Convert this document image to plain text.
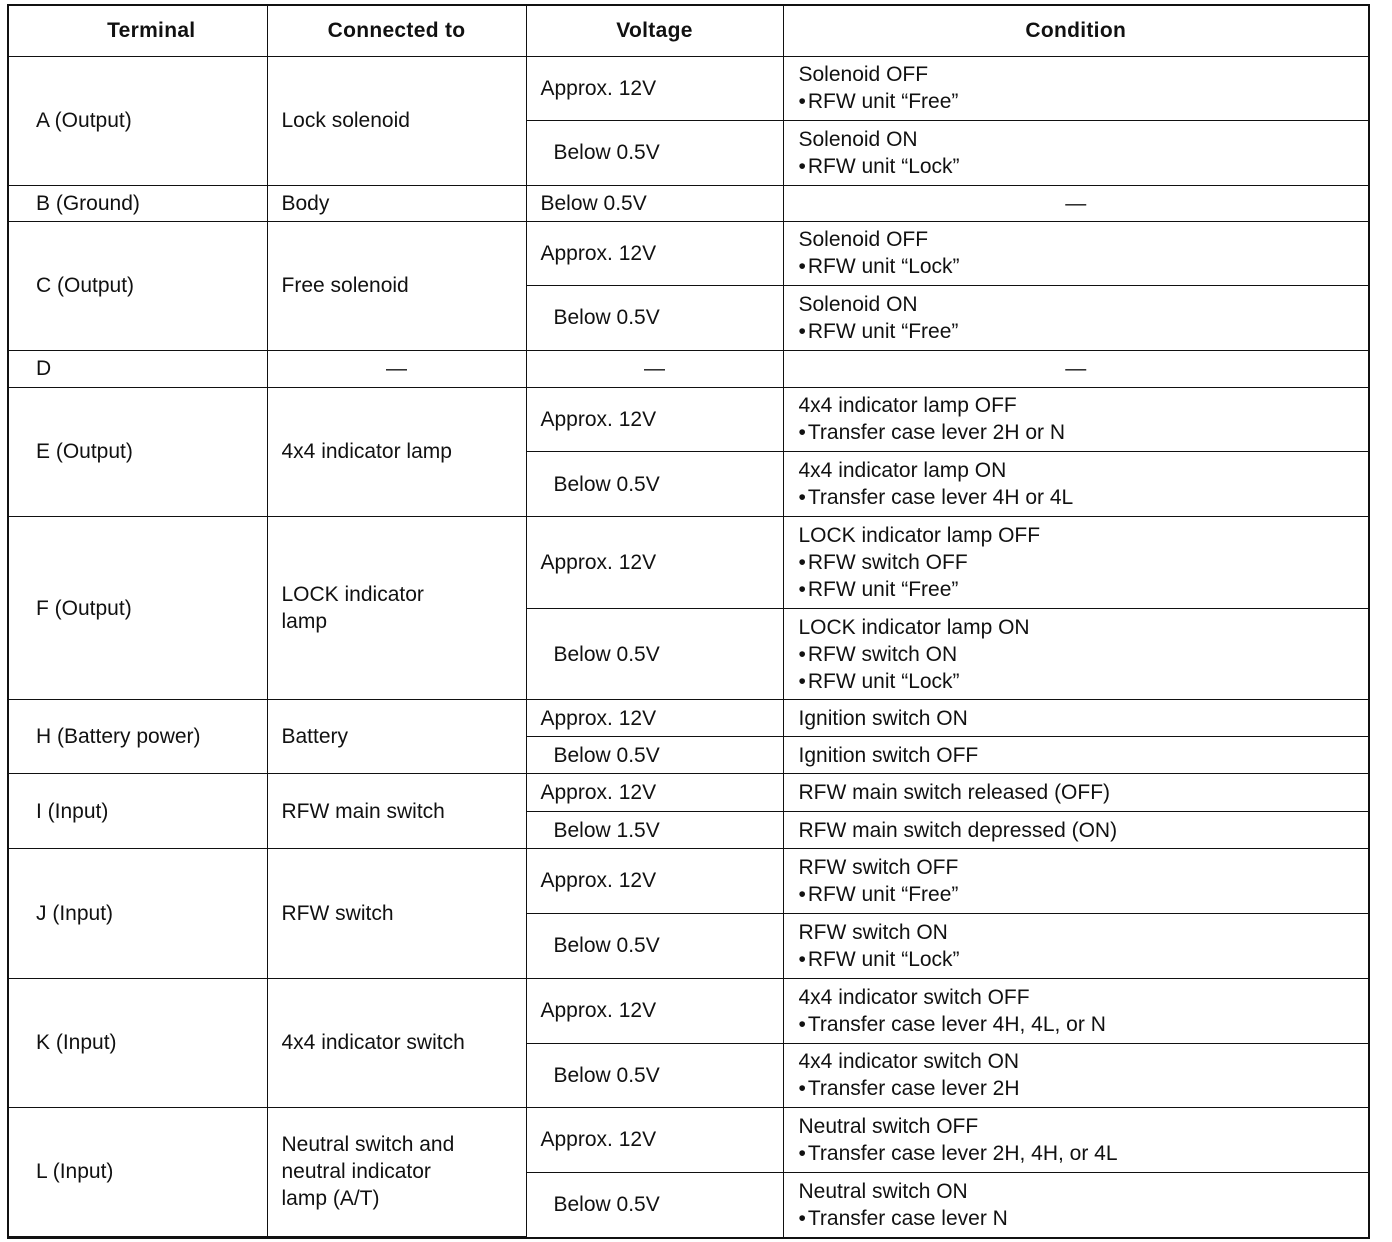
Terminal	Connected to	Voltage	Condition

A (Output)	Lock solenoid	Approx. 12V	Solenoid OFF
• RFW unit “Free”

		Below 0.5V	Solenoid ON
• RFW unit “Lock”

B (Ground)	Body	Below 0.5V	—

C (Output)	Free solenoid	Approx. 12V	Solenoid OFF
• RFW unit “Lock”

		Below 0.5V	Solenoid ON
• RFW unit “Free”

D	—	—	—

E (Output)	4x4 indicator lamp	Approx. 12V	4x4 indicator lamp OFF
• Transfer case lever 2H or N

		Below 0.5V	4x4 indicator lamp ON
• Transfer case lever 4H or 4L

F (Output)	LOCK indicator
lamp	Approx. 12V	LOCK indicator lamp OFF
• RFW switch OFF
• RFW unit “Free”

		Below 0.5V	LOCK indicator lamp ON
• RFW switch ON
• RFW unit “Lock”

H (Battery power)	Battery	Approx. 12V	Ignition switch ON

		Below 0.5V	Ignition switch OFF

I (Input)	RFW main switch	Approx. 12V	RFW main switch released (OFF)

		Below 1.5V	RFW main switch depressed (ON)

J (Input)	RFW switch	Approx. 12V	RFW switch OFF
• RFW unit “Free”

		Below 0.5V	RFW switch ON
• RFW unit “Lock”

K (Input)	4x4 indicator switch	Approx. 12V	4x4 indicator switch OFF
• Transfer case lever 4H, 4L, or N

		Below 0.5V	4x4 indicator switch ON
• Transfer case lever 2H

L (Input)	Neutral switch and
neutral indicator
lamp (A/T)	Approx. 12V	Neutral switch OFF
• Transfer case lever 2H, 4H, or 4L

		Below 0.5V	Neutral switch ON
• Transfer case lever N
